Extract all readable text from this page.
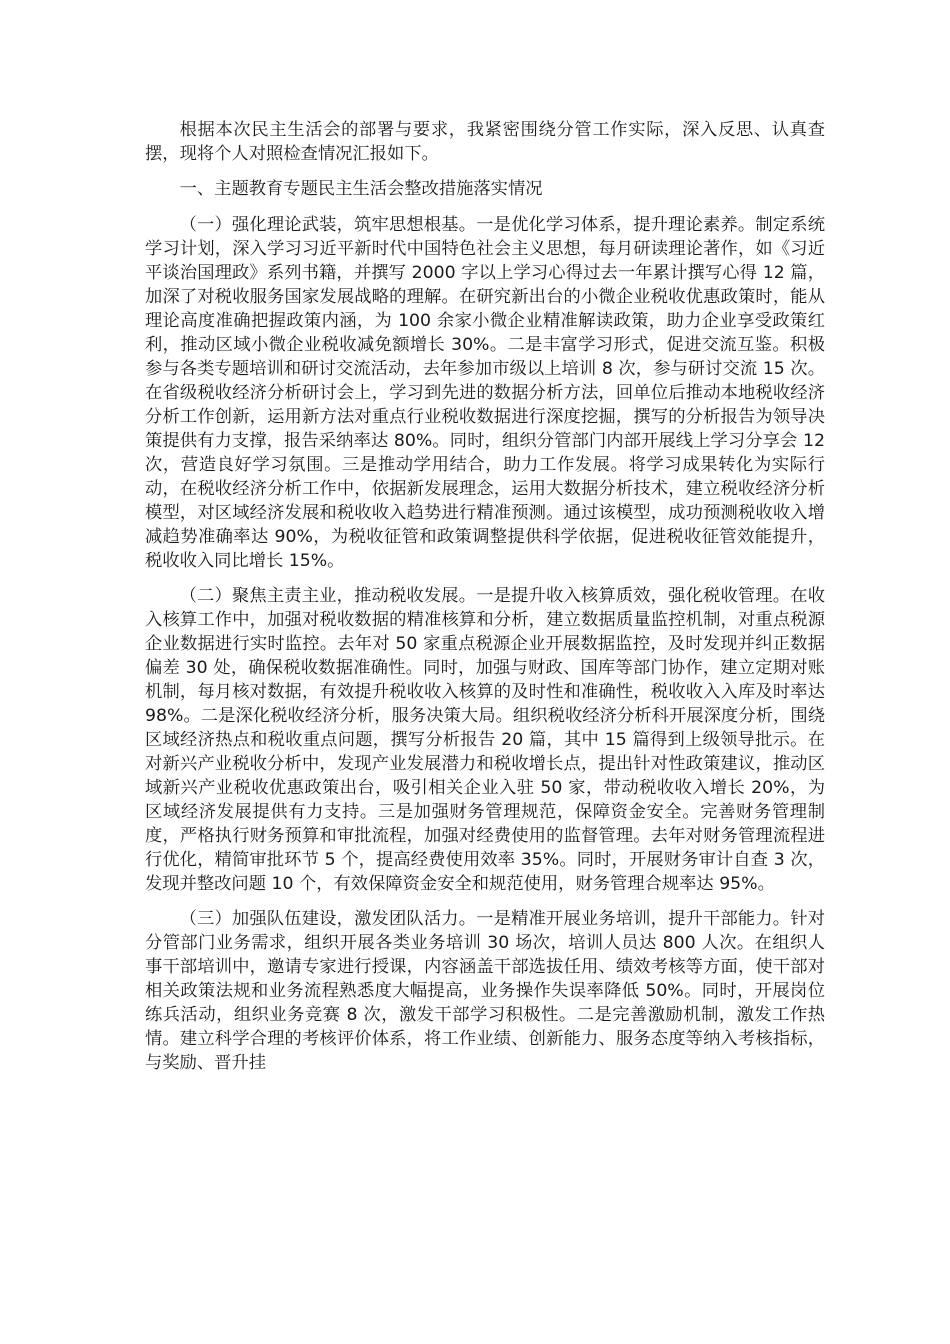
根据本次民主生活会的部署与要求，我紧密围绕分管工作实际，深入反思、认真查摆，现将个人对照检查情况汇报如下。

一、主题教育专题民主生活会整改措施落实情况

（一）强化理论武装，筑牢思想根基。一是优化学习体系，提升理论素养。制定系统学习计划，深入学习习近平新时代中国特色社会主义思想，每月研读理论著作，如《习近平谈治国理政》系列书籍，并撰写 2000 字以上学习心得过去一年累计撰写心得 12 篇，加深了对税收服务国家发展战略的理解。在研究新出台的小微企业税收优惠政策时，能从理论高度准确把握政策内涵，为 100 余家小微企业精准解读政策，助力企业享受政策红利，推动区域小微企业税收减免额增长 30%。二是丰富学习形式，促进交流互鉴。积极参与各类专题培训和研讨交流活动，去年参加市级以上培训 8 次，参与研讨交流 15 次。在省级税收经济分析研讨会上，学习到先进的数据分析方法，回单位后推动本地税收经济分析工作创新，运用新方法对重点行业税收数据进行深度挖掘，撰写的分析报告为领导决策提供有力支撑，报告采纳率达 80%。同时，组织分管部门内部开展线上学习分享会 12 次，营造良好学习氛围。三是推动学用结合，助力工作发展。将学习成果转化为实际行动，在税收经济分析工作中，依据新发展理念，运用大数据分析技术，建立税收经济分析模型，对区域经济发展和税收收入趋势进行精准预测。通过该模型，成功预测税收收入增减趋势准确率达 90%，为税收征管和政策调整提供科学依据，促进税收征管效能提升，税收收入同比增长 15%。

（二）聚焦主责主业，推动税收发展。一是提升收入核算质效，强化税收管理。在收入核算工作中，加强对税收数据的精准核算和分析，建立数据质量监控机制，对重点税源企业数据进行实时监控。去年对 50 家重点税源企业开展数据监控，及时发现并纠正数据偏差 30 处，确保税收数据准确性。同时，加强与财政、国库等部门协作，建立定期对账机制，每月核对数据，有效提升税收收入核算的及时性和准确性，税收收入入库及时率达 98%。二是深化税收经济分析，服务决策大局。组织税收经济分析科开展深度分析，围绕区域经济热点和税收重点问题，撰写分析报告 20 篇，其中 15 篇得到上级领导批示。在对新兴产业税收分析中，发现产业发展潜力和税收增长点，提出针对性政策建议，推动区域新兴产业税收优惠政策出台，吸引相关企业入驻 50 家，带动税收收入增长 20%，为区域经济发展提供有力支持。三是加强财务管理规范，保障资金安全。完善财务管理制度，严格执行财务预算和审批流程，加强对经费使用的监督管理。去年对财务管理流程进行优化，精简审批环节 5 个，提高经费使用效率 35%。同时，开展财务审计自查 3 次，发现并整改问题 10 个，有效保障资金安全和规范使用，财务管理合规率达 95%。

（三）加强队伍建设，激发团队活力。一是精准开展业务培训，提升干部能力。针对分管部门业务需求，组织开展各类业务培训 30 场次，培训人员达 800 人次。在组织人事干部培训中，邀请专家进行授课，内容涵盖干部选拔任用、绩效考核等方面，使干部对相关政策法规和业务流程熟悉度大幅提高，业务操作失误率降低 50%。同时，开展岗位练兵活动，组织业务竞赛 8 次，激发干部学习积极性。二是完善激励机制，激发工作热情。建立科学合理的考核评价体系，将工作业绩、创新能力、服务态度等纳入考核指标，与奖励、晋升挂
